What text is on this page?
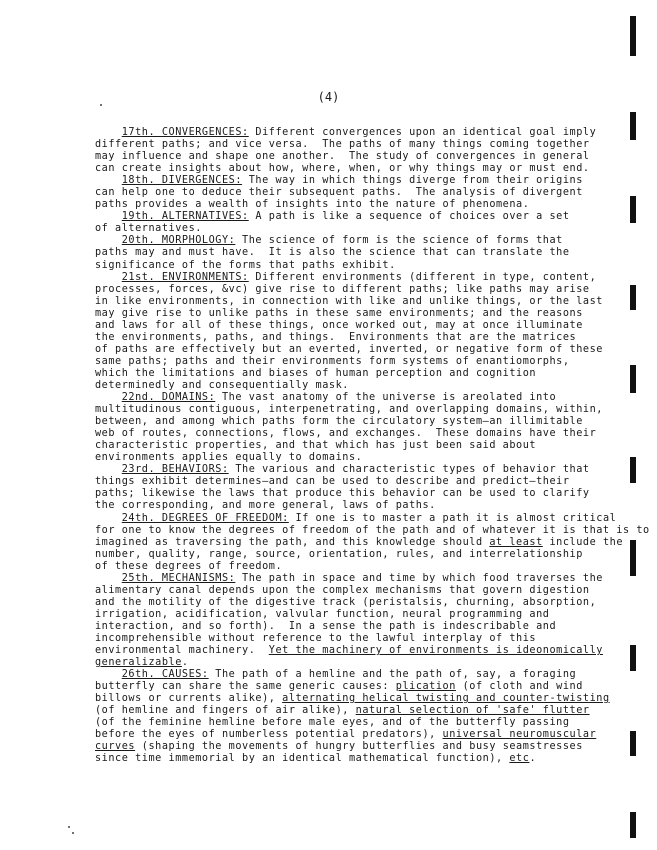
(4)
17th. CONVERGENCES: Different convergences upon an identical goal imply
different paths; and vice versa.  The paths of many things coming together
may influence and shape one another.  The study of convergences in general
can create insights about how, where, when, or why things may or must end.
18th. DIVERGENCES: The way in which things diverge from their origins
can help one to deduce their subsequent paths.  The analysis of divergent
paths provides a wealth of insights into the nature of phenomena.
19th. ALTERNATIVES: A path is like a sequence of choices over a set
of alternatives.
20th. MORPHOLOGY: The science of form is the science of forms that
paths may and must have.  It is also the science that can translate the
significance of the forms that paths exhibit.
21st. ENVIRONMENTS: Different environments (different in type, content,
processes, forces, &vc) give rise to different paths; like paths may arise
in like environments, in connection with like and unlike things, or the last
may give rise to unlike paths in these same environments; and the reasons
and laws for all of these things, once worked out, may at once illuminate
the environments, paths, and things.  Environments that are the matrices
of paths are effectively but an everted, inverted, or negative form of these
same paths; paths and their environments form systems of enantiomorphs,
which the limitations and biases of human perception and cognition
determinedly and consequentially mask.
22nd. DOMAINS: The vast anatomy of the universe is areolated into
multitudinous contiguous, interpenetrating, and overlapping domains, within,
between, and among which paths form the circulatory system—an illimitable
web of routes, connections, flows, and exchanges.  These domains have their
characteristic properties, and that which has just been said about
environments applies equally to domains.
23rd. BEHAVIORS: The various and characteristic types of behavior that
things exhibit determines—and can be used to describe and predict—their
paths; likewise the laws that produce this behavior can be used to clarify
the corresponding, and more general, laws of paths.
24th. DEGREES OF FREEDOM: If one is to master a path it is almost critical
for one to know the degrees of freedom of the path and of whatever it is that is to
imagined as traversing the path, and this knowledge should at least include the
number, quality, range, source, orientation, rules, and interrelationship
of these degrees of freedom.
25th. MECHANISMS: The path in space and time by which food traverses the
alimentary canal depends upon the complex mechanisms that govern digestion
and the motility of the digestive track (peristalsis, churning, absorption,
irrigation, acidification, valvular function, neural programming and
interaction, and so forth).  In a sense the path is indescribable and
incomprehensible without reference to the lawful interplay of this
environmental machinery.  Yet the machinery of environments is ideonomically
generalizable.
26th. CAUSES: The path of a hemline and the path of, say, a foraging
butterfly can share the same generic causes: plication (of cloth and wind
billows or currents alike), alternating helical twisting and counter-twisting
(of hemline and fingers of air alike), natural selection of 'safe' flutter
(of the feminine hemline before male eyes, and of the butterfly passing
before the eyes of numberless potential predators), universal neuromuscular
curves (shaping the movements of hungry butterflies and busy seamstresses
since time immemorial by an identical mathematical function), etc.
